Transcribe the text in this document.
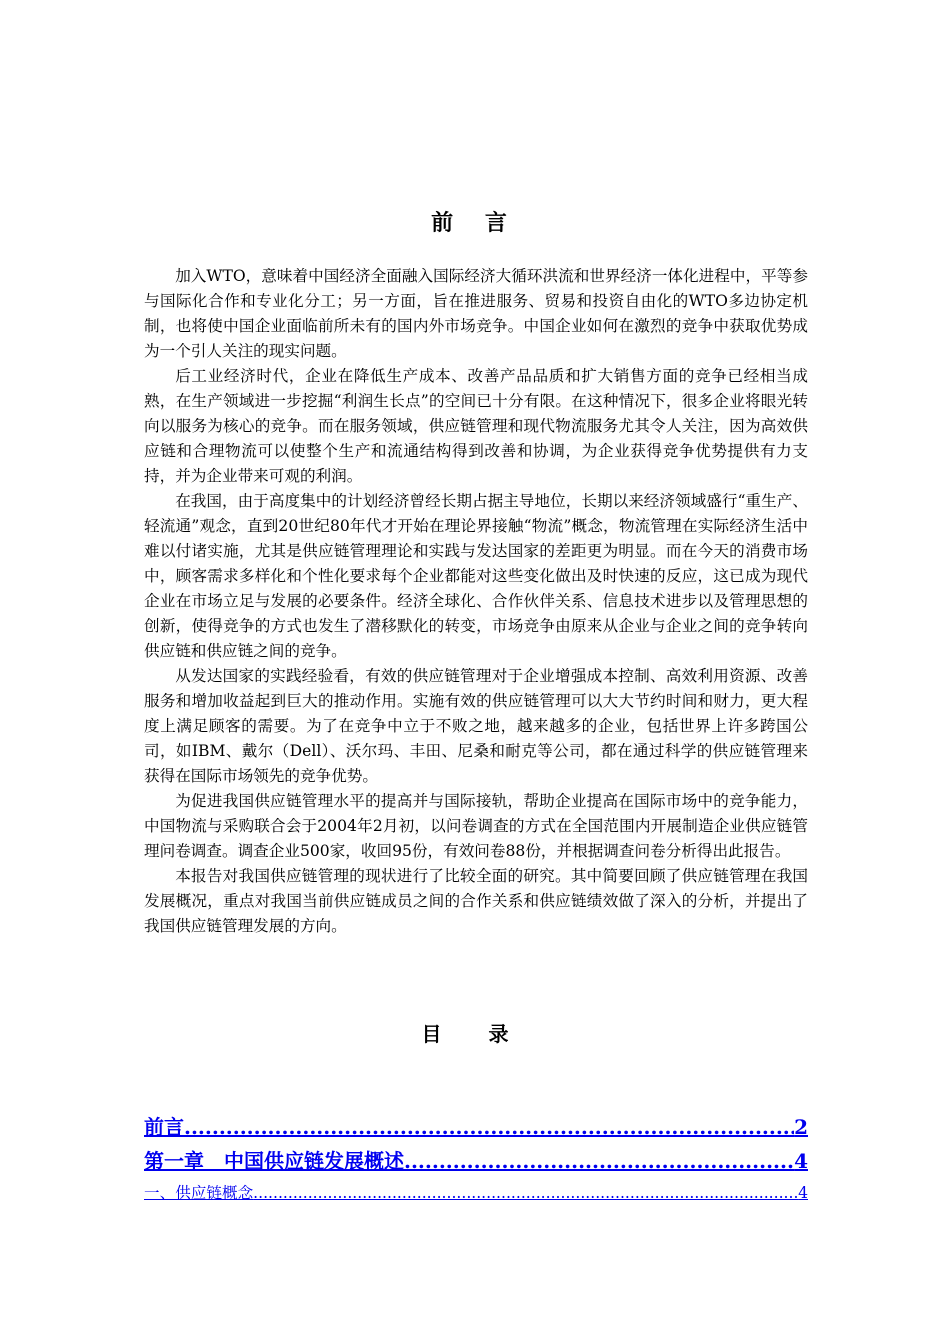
前 言

加入WTO，意味着中国经济全面融入国际经济大循环洪流和世界经济一体化进程中，平等参与国际化合作和专业化分工；另一方面，旨在推进服务、贸易和投资自由化的WTO多边协定机制，也将使中国企业面临前所未有的国内外市场竞争。中国企业如何在激烈的竞争中获取优势成为一个引人关注的现实问题。

后工业经济时代，企业在降低生产成本、改善产品品质和扩大销售方面的竞争已经相当成熟，在生产领域进一步挖掘“利润生长点”的空间已十分有限。在这种情况下，很多企业将眼光转向以服务为核心的竞争。而在服务领域，供应链管理和现代物流服务尤其令人关注，因为高效供应链和合理物流可以使整个生产和流通结构得到改善和协调，为企业获得竞争优势提供有力支持，并为企业带来可观的利润。

在我国，由于高度集中的计划经济曾经长期占据主导地位，长期以来经济领域盛行“重生产、轻流通”观念，直到20世纪80年代才开始在理论界接触“物流”概念，物流管理在实际经济生活中难以付诸实施，尤其是供应链管理理论和实践与发达国家的差距更为明显。而在今天的消费市场中，顾客需求多样化和个性化要求每个企业都能对这些变化做出及时快速的反应，这已成为现代企业在市场立足与发展的必要条件。经济全球化、合作伙伴关系、信息技术进步以及管理思想的创新，使得竞争的方式也发生了潜移默化的转变，市场竞争由原来从企业与企业之间的竞争转向供应链和供应链之间的竞争。

从发达国家的实践经验看，有效的供应链管理对于企业增强成本控制、高效利用资源、改善服务和增加收益起到巨大的推动作用。实施有效的供应链管理可以大大节约时间和财力，更大程度上满足顾客的需要。为了在竞争中立于不败之地，越来越多的企业，包括世界上许多跨国公司，如IBM、戴尔（Dell）、沃尔玛、丰田、尼桑和耐克等公司，都在通过科学的供应链管理来获得在国际市场领先的竞争优势。

为促进我国供应链管理水平的提高并与国际接轨，帮助企业提高在国际市场中的竞争能力，中国物流与采购联合会于2004年2月初，以问卷调查的方式在全国范围内开展制造企业供应链管理问卷调查。调查企业500家，收回95份，有效问卷88份，并根据调查问卷分析得出此报告。

本报告对我国供应链管理的现状进行了比较全面的研究。其中简要回顾了供应链管理在我国发展概况，重点对我国当前供应链成员之间的合作关系和供应链绩效做了深入的分析，并提出了我国供应链管理发展的方向。

目 录
前言 .....	2
第一章　中国供应链发展概述 .....	4
一、供应链概念 .....	4
